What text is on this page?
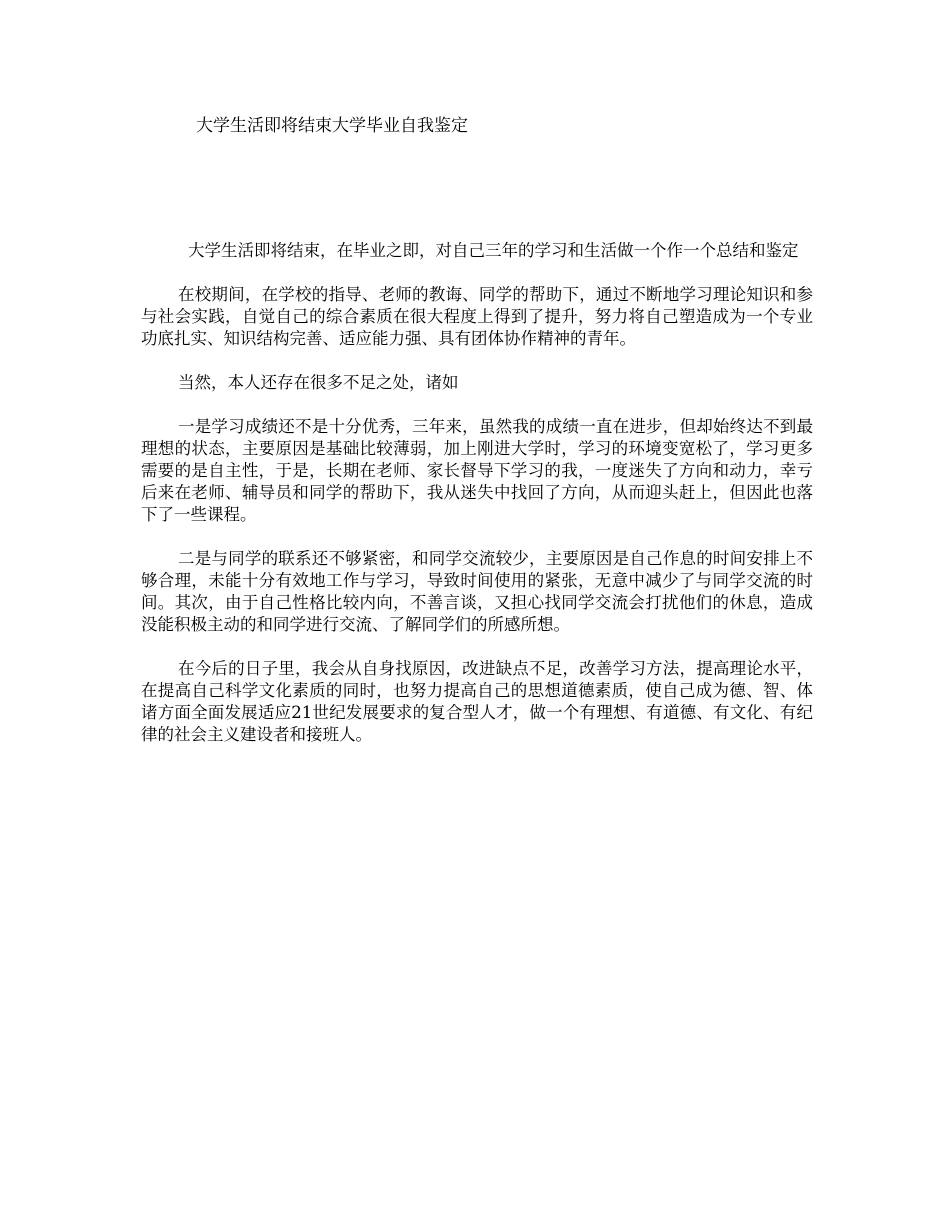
大学生活即将结束大学毕业自我鉴定

大学生活即将结束，在毕业之即，对自己三年的学习和生活做一个作一个总结和鉴定

在校期间，在学校的指导、老师的教诲、同学的帮助下，通过不断地学习理论知识和参与社会实践，自觉自己的综合素质在很大程度上得到了提升，努力将自己塑造成为一个专业功底扎实、知识结构完善、适应能力强、具有团体协作精神的青年。

当然，本人还存在很多不足之处，诸如

一是学习成绩还不是十分优秀，三年来，虽然我的成绩一直在进步，但却始终达不到最理想的状态，主要原因是基础比较薄弱，加上刚进大学时，学习的环境变宽松了，学习更多需要的是自主性，于是，长期在老师、家长督导下学习的我，一度迷失了方向和动力，幸亏后来在老师、辅导员和同学的帮助下，我从迷失中找回了方向，从而迎头赶上，但因此也落下了一些课程。

二是与同学的联系还不够紧密，和同学交流较少，主要原因是自己作息的时间安排上不够合理，未能十分有效地工作与学习，导致时间使用的紧张，无意中减少了与同学交流的时间。其次，由于自己性格比较内向，不善言谈，又担心找同学交流会打扰他们的休息，造成没能积极主动的和同学进行交流、了解同学们的所感所想。

在今后的日子里，我会从自身找原因，改进缺点不足，改善学习方法，提高理论水平，在提高自己科学文化素质的同时，也努力提高自己的思想道德素质，使自己成为德、智、体诸方面全面发展适应21世纪发展要求的复合型人才，做一个有理想、有道德、有文化、有纪律的社会主义建设者和接班人。
